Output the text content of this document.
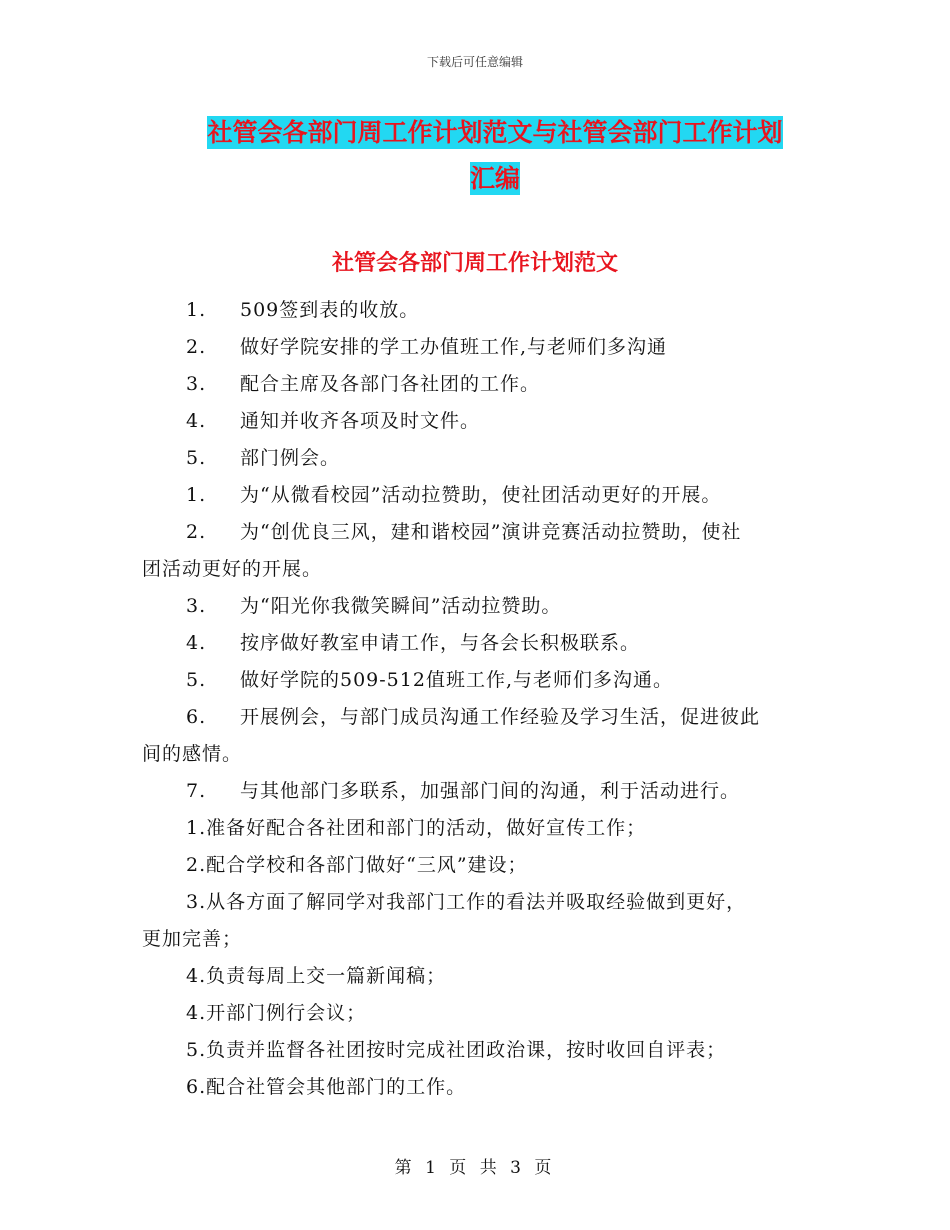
下载后可任意编辑
社管会各部门周工作计划范文与社管会部门工作计划
汇编
社管会各部门周工作计划范文
1. 509签到表的收放。
2. 做好学院安排的学工办值班工作,与老师们多沟通
3. 配合主席及各部门各社团的工作。
4. 通知并收齐各项及时文件。
5. 部门例会。
1. 为“从微看校园”活动拉赞助，使社团活动更好的开展。
2. 为“创优良三风，建和谐校园”演讲竞赛活动拉赞助，使社
团活动更好的开展。
3. 为“阳光你我微笑瞬间”活动拉赞助。
4. 按序做好教室申请工作，与各会长积极联系。
5. 做好学院的509-512值班工作,与老师们多沟通。
6. 开展例会，与部门成员沟通工作经验及学习生活，促进彼此
间的感情。
7. 与其他部门多联系，加强部门间的沟通，利于活动进行。
1.准备好配合各社团和部门的活动，做好宣传工作；
2.配合学校和各部门做好“三风”建设；
3.从各方面了解同学对我部门工作的看法并吸取经验做到更好，
更加完善；
4.负责每周上交一篇新闻稿；
4.开部门例行会议；
5.负责并监督各社团按时完成社团政治课，按时收回自评表；
6.配合社管会其他部门的工作。
第 1 页 共 3 页
